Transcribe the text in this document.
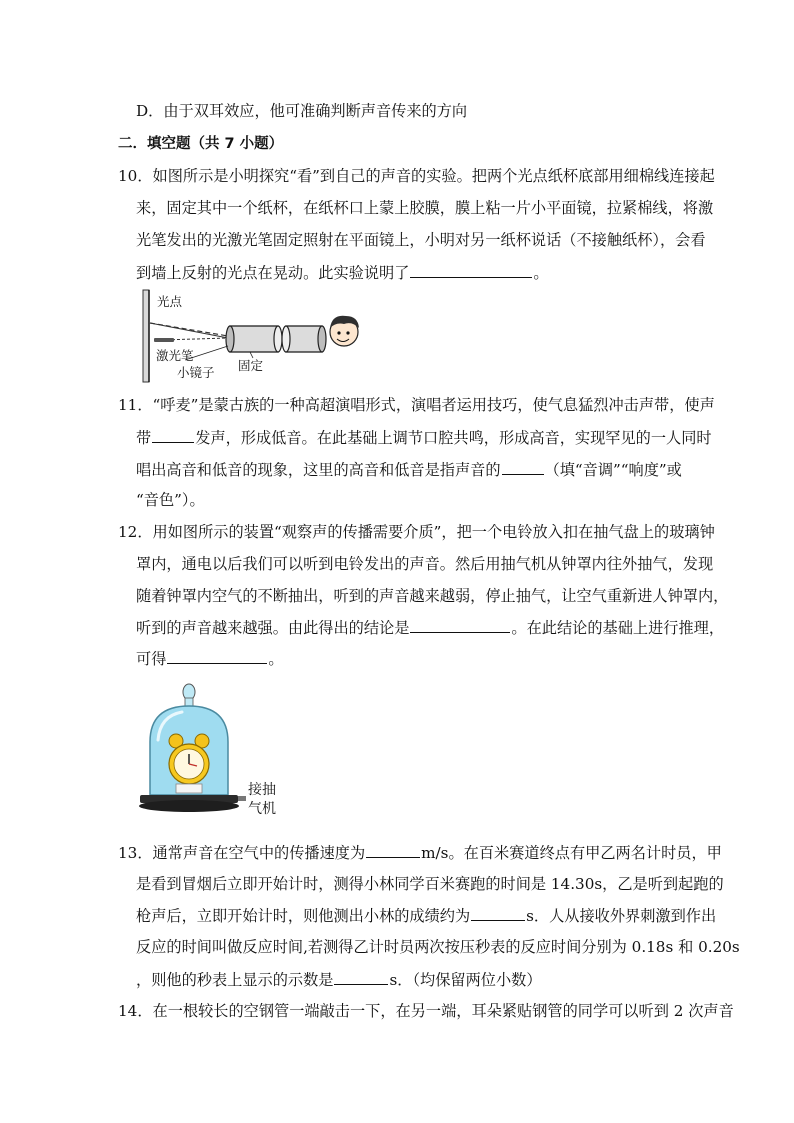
D．由于双耳效应，他可准确判断声音传来的方向
二．填空题（共 7 小题）
10．如图所示是小明探究“看”到自己的声音的实验。把两个光点纸杯底部用细棉线连接起
来，固定其中一个纸杯，在纸杯口上蒙上胶膜，膜上粘一片小平面镜，拉紧棉线，将激
光笔发出的光激光笔固定照射在平面镜上，小明对另一纸杯说话（不接触纸杯），会看
到墙上反射的光点在晃动。此实验说明了	。
光点
激光笔
小镜子 固定
11．“呼麦”是蒙古族的一种高超演唱形式，演唱者运用技巧，使气息猛烈冲击声带，使声
带	发声，形成低音。在此基础上调节口腔共鸣，形成高音，实现罕见的一人同时
唱出高音和低音的现象，这里的高音和低音是指声音的	（填“音调”“响度”或
“音色”）。
12．用如图所示的装置“观察声的传播需要介质”，把一个电铃放入扣在抽气盘上的玻璃钟
罩内，通电以后我们可以听到电铃发出的声音。然后用抽气机从钟罩内往外抽气，发现
随着钟罩内空气的不断抽出，听到的声音越来越弱，停止抽气，让空气重新进人钟罩内，
听到的声音越来越强。由此得出的结论是	。在此结论的基础上进行推理，
可得	。
接抽
气机
13．通常声音在空气中的传播速度为	m/s。在百米赛道终点有甲乙两名计时员，甲
是看到冒烟后立即开始计时，测得小林同学百米赛跑的时间是 14.30s，乙是听到起跑的
枪声后，立即开始计时，则他测出小林的成绩约为	s．人从接收外界刺激到作出
反应的时间叫做反应时间,若测得乙计时员两次按压秒表的反应时间分别为 0.18s 和 0.20s
，则他的秒表上显示的示数是	s．（均保留两位小数）
14．在一根较长的空钢管一端敲击一下，在另一端，耳朵紧贴钢管的同学可以听到 2 次声音
